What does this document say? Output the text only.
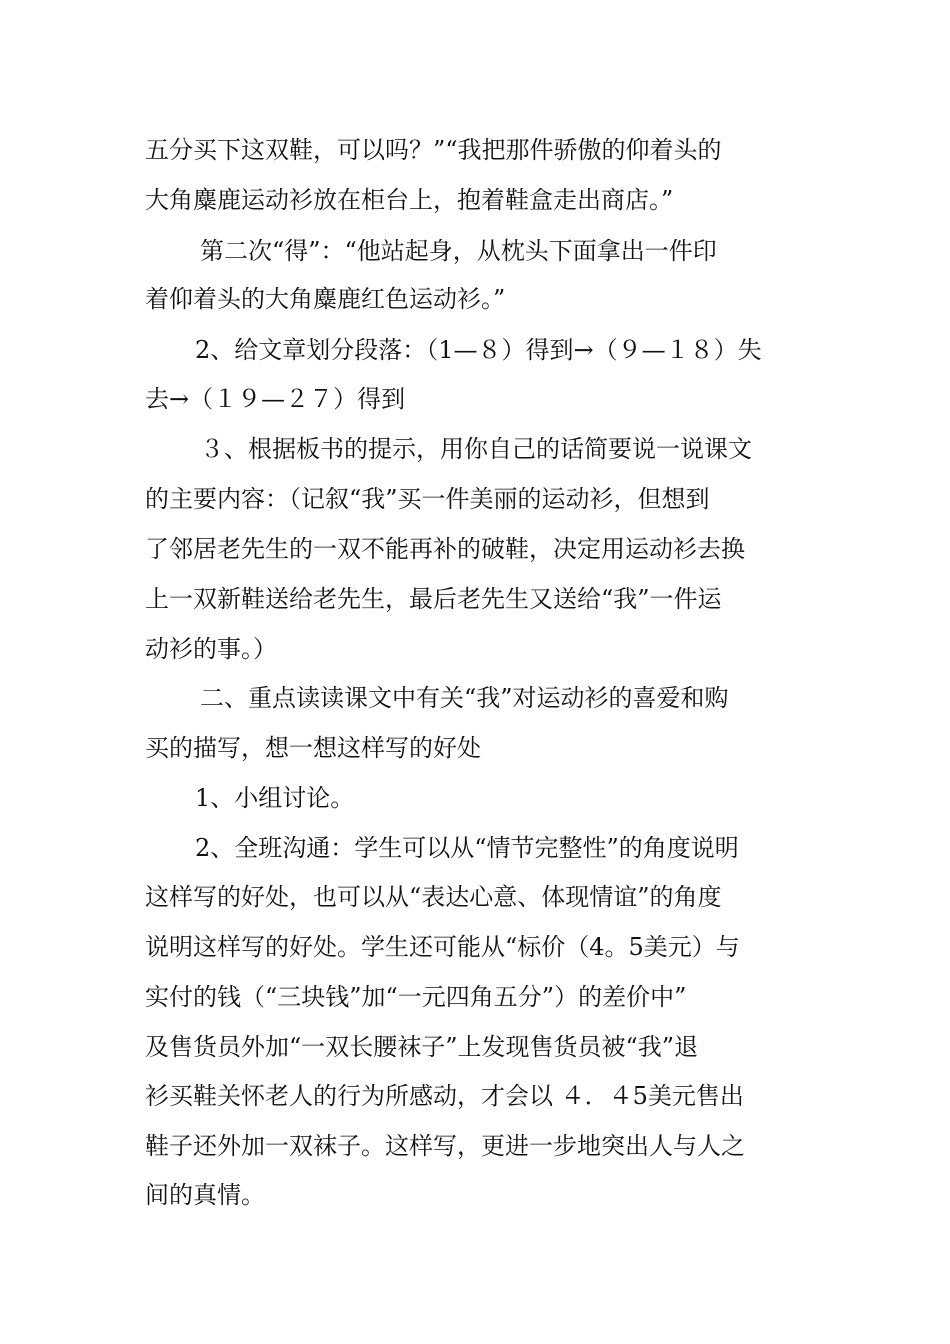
五分买下这双鞋，可以吗？”“我把那件骄傲的仰着头的
大角麋鹿运动衫放在柜台上，抱着鞋盒走出商店。”
第二次“得”：“他站起身，从枕头下面拿出一件印
着仰着头的大角麋鹿红色运动衫。”
2、给文章划分段落：（1—８）得到→（９—１８）失
去→（１９—２７）得到
３、根据板书的提示，用你自己的话简要说一说课文
的主要内容：（记叙“我”买一件美丽的运动衫，但想到
了邻居老先生的一双不能再补的破鞋，决定用运动衫去换
上一双新鞋送给老先生，最后老先生又送给“我”一件运
动衫的事。）
二、重点读读课文中有关“我”对运动衫的喜爱和购
买的描写，想一想这样写的好处
1、小组讨论。
2、全班沟通：学生可以从“情节完整性”的角度说明
这样写的好处，也可以从“表达心意、体现情谊”的角度
说明这样写的好处。学生还可能从“标价（4。5美元）与
实付的钱（“三块钱”加“一元四角五分”）的差价中”
及售货员外加“一双长腰袜子”上发现售货员被“我”退
衫买鞋关怀老人的行为所感动，才会以 ４．４5美元售出
鞋子还外加一双袜子。这样写，更进一步地突出人与人之
间的真情。
